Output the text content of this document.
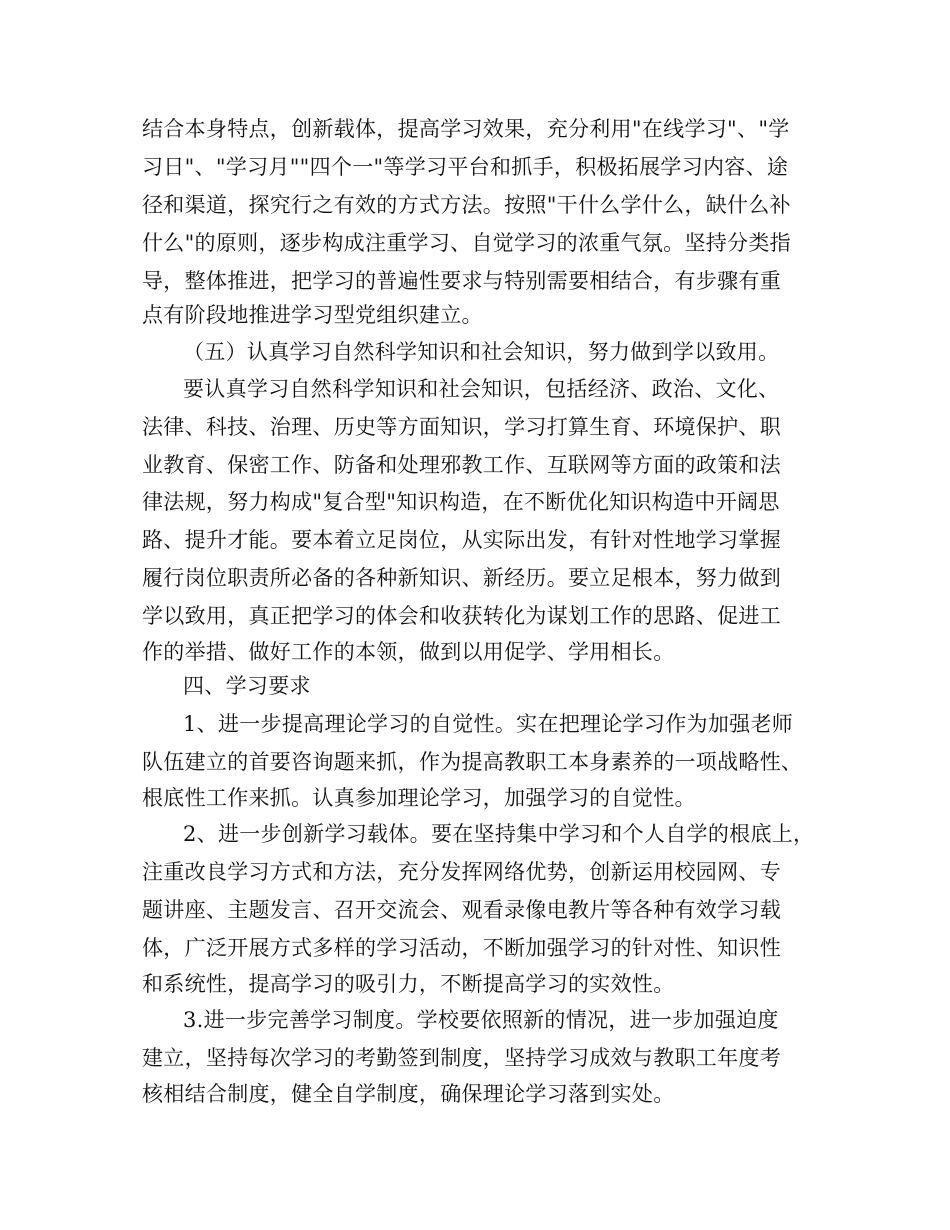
结合本身特点，创新载体，提高学习效果，充分利用"在线学习"、"学
习日"、"学习月""四个一"等学习平台和抓手，积极拓展学习内容、途
径和渠道，探究行之有效的方式方法。按照"干什么学什么，缺什么补
什么"的原则，逐步构成注重学习、自觉学习的浓重气氛。坚持分类指
导，整体推进，把学习的普遍性要求与特别需要相结合，有步骤有重
点有阶段地推进学习型党组织建立。
（五）认真学习自然科学知识和社会知识，努力做到学以致用。
要认真学习自然科学知识和社会知识，包括经济、政治、文化、
法律、科技、治理、历史等方面知识，学习打算生育、环境保护、职
业教育、保密工作、防备和处理邪教工作、互联网等方面的政策和法
律法规，努力构成"复合型"知识构造，在不断优化知识构造中开阔思
路、提升才能。要本着立足岗位，从实际出发，有针对性地学习掌握
履行岗位职责所必备的各种新知识、新经历。要立足根本，努力做到
学以致用，真正把学习的体会和收获转化为谋划工作的思路、促进工
作的举措、做好工作的本领，做到以用促学、学用相长。
四、学习要求
1、进一步提高理论学习的自觉性。实在把理论学习作为加强老师
队伍建立的首要咨询题来抓，作为提高教职工本身素养的一项战略性、
根底性工作来抓。认真参加理论学习，加强学习的自觉性。
2、进一步创新学习载体。要在坚持集中学习和个人自学的根底上，
注重改良学习方式和方法，充分发挥网络优势，创新运用校园网、专
题讲座、主题发言、召开交流会、观看录像电教片等各种有效学习载
体，广泛开展方式多样的学习活动，不断加强学习的针对性、知识性
和系统性，提高学习的吸引力，不断提高学习的实效性。
3.进一步完善学习制度。学校要依照新的情况，进一步加强迫度
建立，坚持每次学习的考勤签到制度，坚持学习成效与教职工年度考
核相结合制度，健全自学制度，确保理论学习落到实处。
